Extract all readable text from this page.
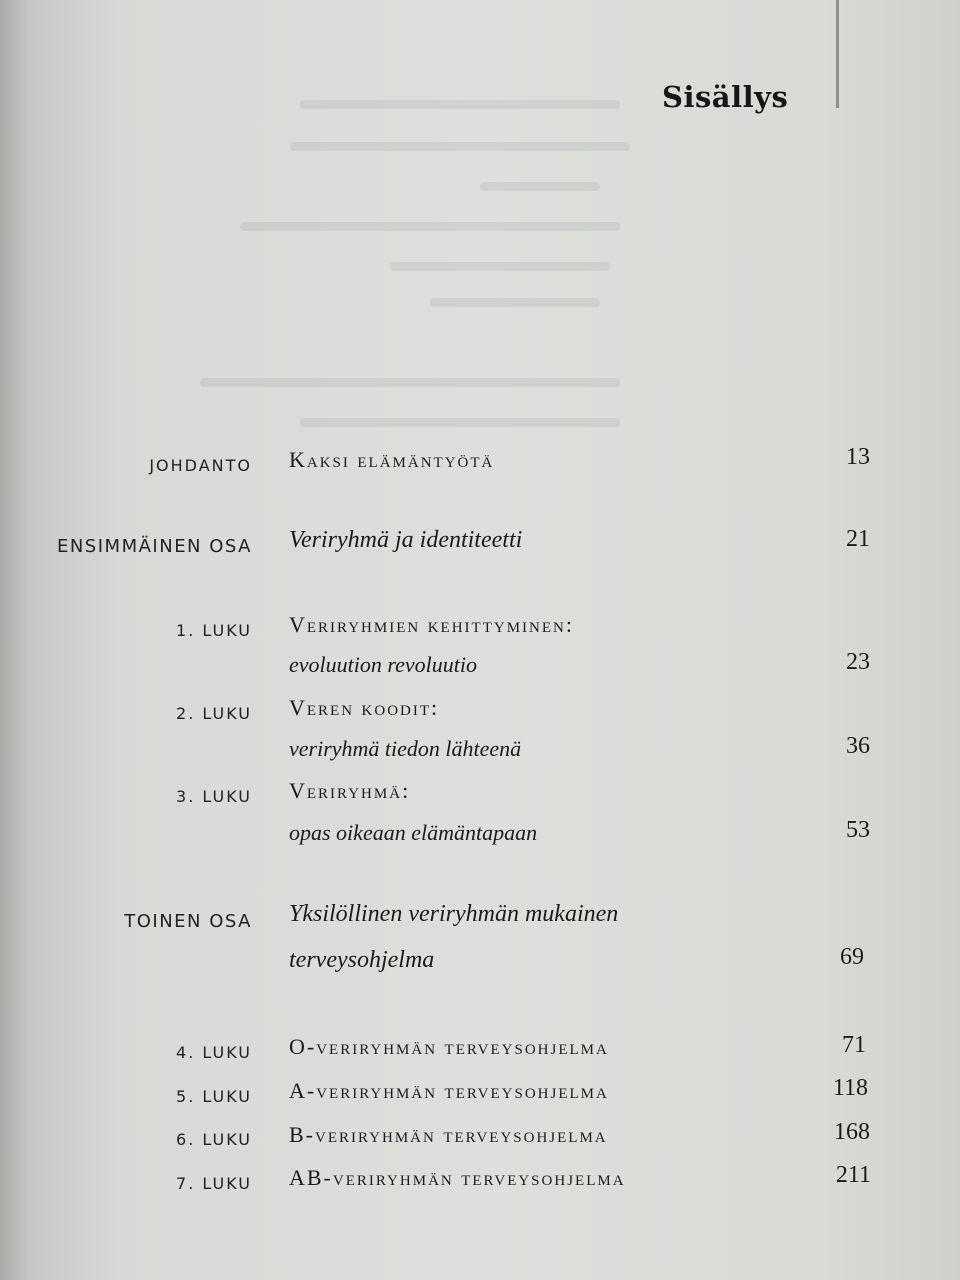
Sisällys
JOHDANTO Kaksi elämäntyötä	13
ENSIMMÄINEN OSA Veriryhmä ja identiteetti	21
1. LUKU Veriryhmien kehittyminen:
evoluution revoluutio	23
2. LUKU Veren koodit:
veriryhmä tiedon lähteenä	36
3. LUKU Veriryhmä:
opas oikeaan elämäntapaan	53
TOINEN OSA Yksilöllinen veriryhmän mukainen
terveysohjelma	69
4. LUKU O-veriryhmän terveysohjelma	71
5. LUKU A-veriryhmän terveysohjelma	118
6. LUKU B-veriryhmän terveysohjelma	168
7. LUKU AB-veriryhmän terveysohjelma	211
